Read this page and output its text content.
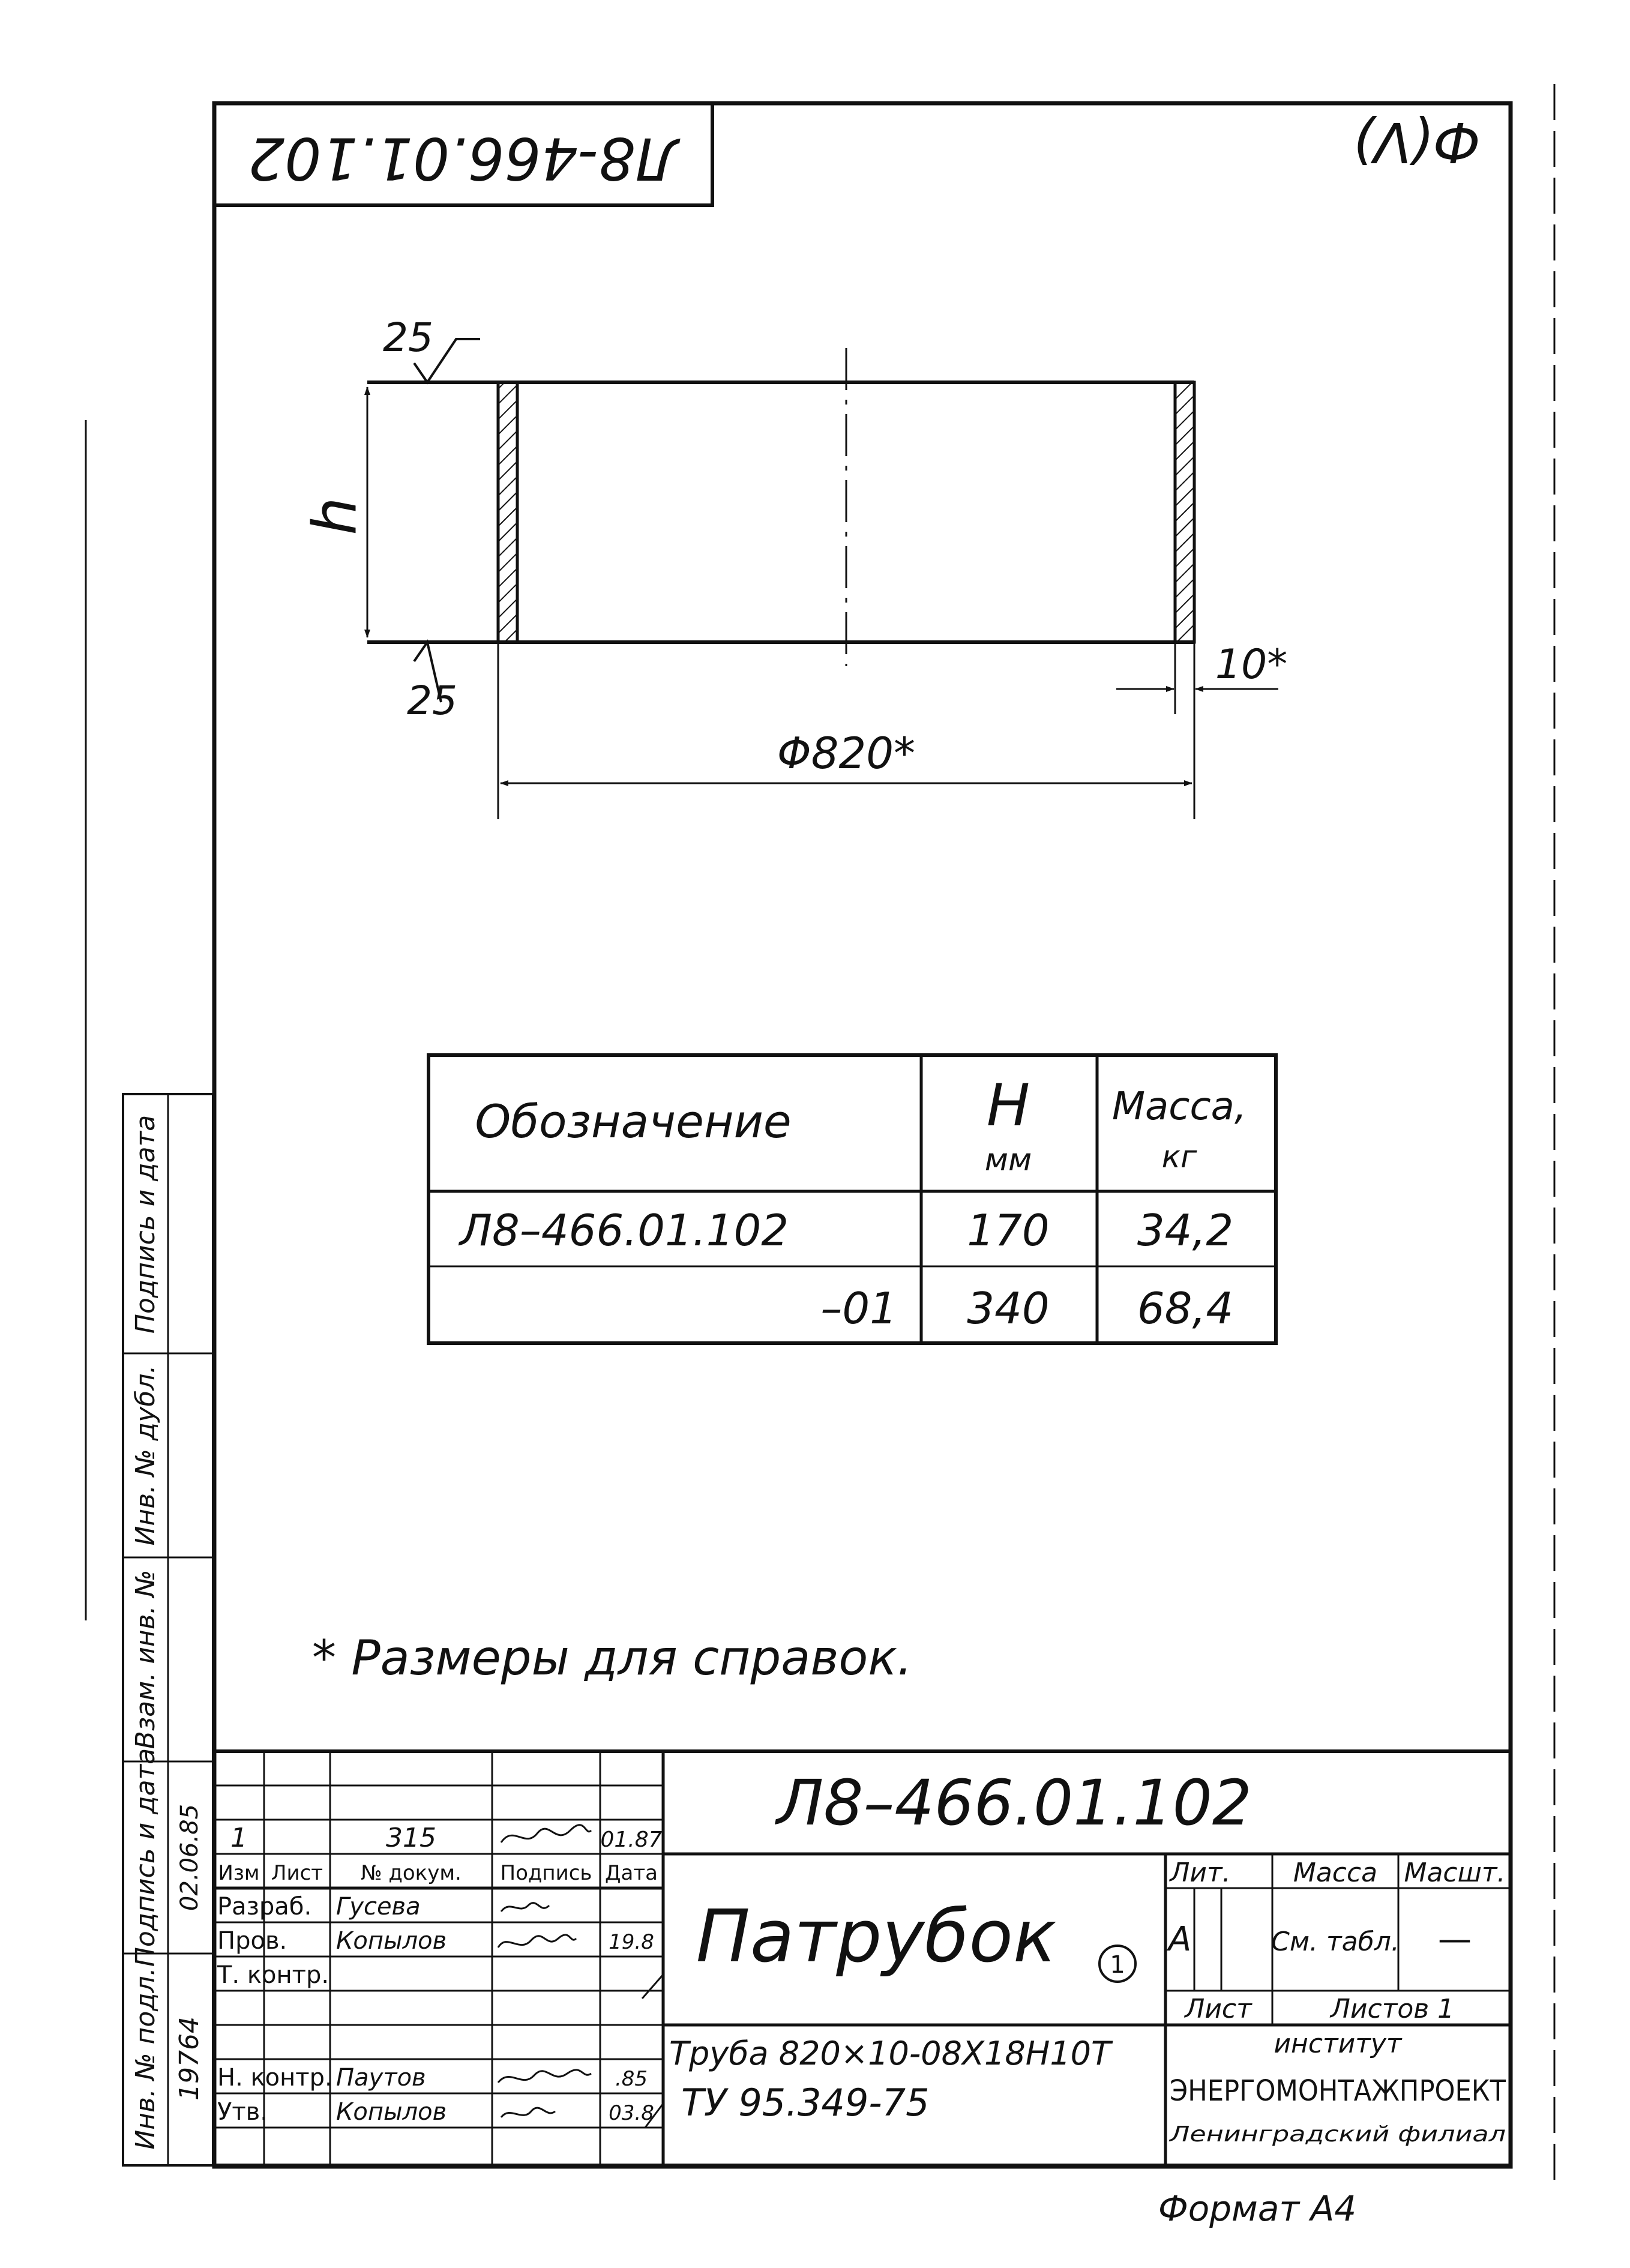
Л8-466.01.102	Ф(V)
h
25
25
10*
Φ820*
Обозначение	H
мм
Масса,
кг
Л8–466.01.102	170 34,2
–01 340 68,4
* Размеры для справок.
Подпись и дата
Инв. № дубл.
Взам. инв. №
Подпись и дата
Инв. № подл.
02.06.85
19764
Л8–466.01.102
Патрубок 1
Труба 820×10-08Х18Н10Т
ТУ 95.349-75
Лит. Масса Масшт.
А	См. табл. —
Лист	Листов 1
институт
ЭНЕРГОМОНТАЖПРОЕКТ
Ленинградский филиал
1	315	01.87
Изм Лист № докум. Подпись Дата
Разраб. Гусева
Пров. Копылов	19.8
Т. контр.
Н. контр. Паутов	.85
Утв.	Копылов	03.8
Формат А4
